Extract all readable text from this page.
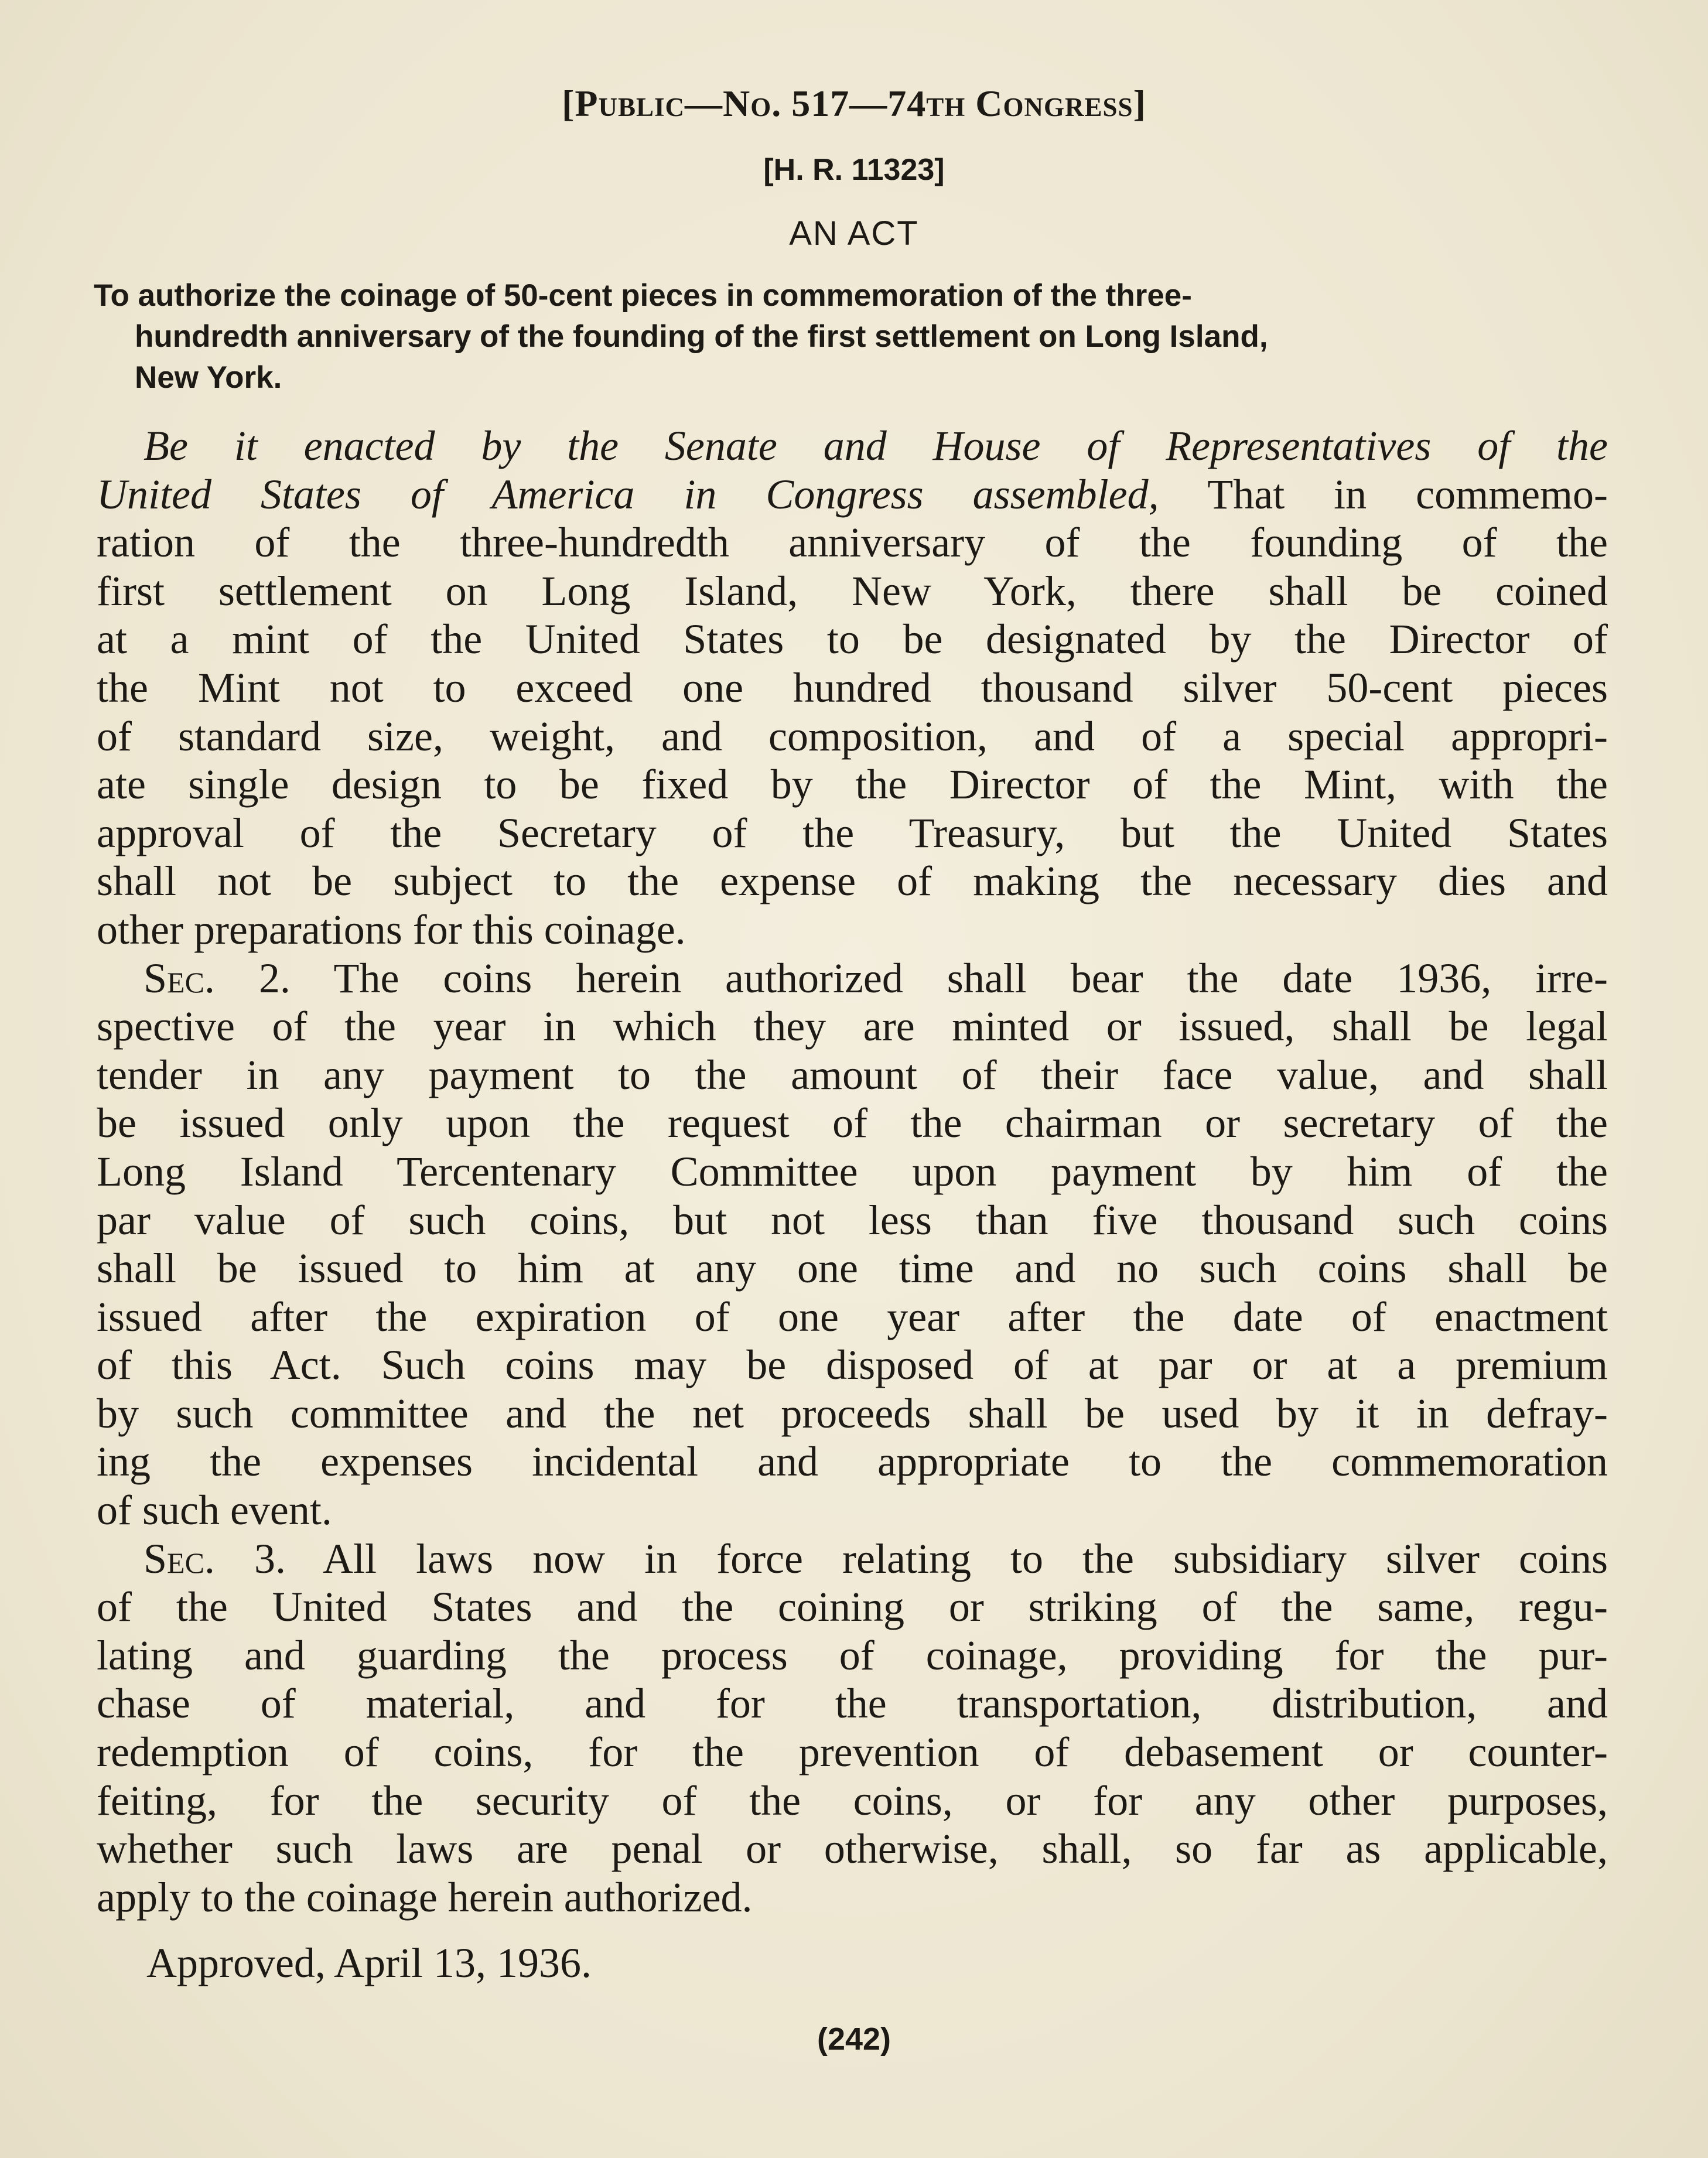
[Public—No. 517—74th Congress]

[H. R. 11323]

AN ACT

To authorize the coinage of 50-cent pieces in commemoration of the three-
hundredth anniversary of the founding of the first settlement on Long Island,
New York.

Be it enacted by the Senate and House of Representatives of the
United States of America in Congress assembled, That in commemo-
ration of the three-hundredth anniversary of the founding of the
first settlement on Long Island, New York, there shall be coined
at a mint of the United States to be designated by the Director of
the Mint not to exceed one hundred thousand silver 50-cent pieces
of standard size, weight, and composition, and of a special appropri-
ate single design to be fixed by the Director of the Mint, with the
approval of the Secretary of the Treasury, but the United States
shall not be subject to the expense of making the necessary dies and
other preparations for this coinage.
Sec. 2. The coins herein authorized shall bear the date 1936, irre-
spective of the year in which they are minted or issued, shall be legal
tender in any payment to the amount of their face value, and shall
be issued only upon the request of the chairman or secretary of the
Long Island Tercentenary Committee upon payment by him of the
par value of such coins, but not less than five thousand such coins
shall be issued to him at any one time and no such coins shall be
issued after the expiration of one year after the date of enactment
of this Act. Such coins may be disposed of at par or at a premium
by such committee and the net proceeds shall be used by it in defray-
ing the expenses incidental and appropriate to the commemoration
of such event.
Sec. 3. All laws now in force relating to the subsidiary silver coins
of the United States and the coining or striking of the same, regu-
lating and guarding the process of coinage, providing for the pur-
chase of material, and for the transportation, distribution, and
redemption of coins, for the prevention of debasement or counter-
feiting, for the security of the coins, or for any other purposes,
whether such laws are penal or otherwise, shall, so far as applicable,
apply to the coinage herein authorized.

Approved, April 13, 1936.

(242)
